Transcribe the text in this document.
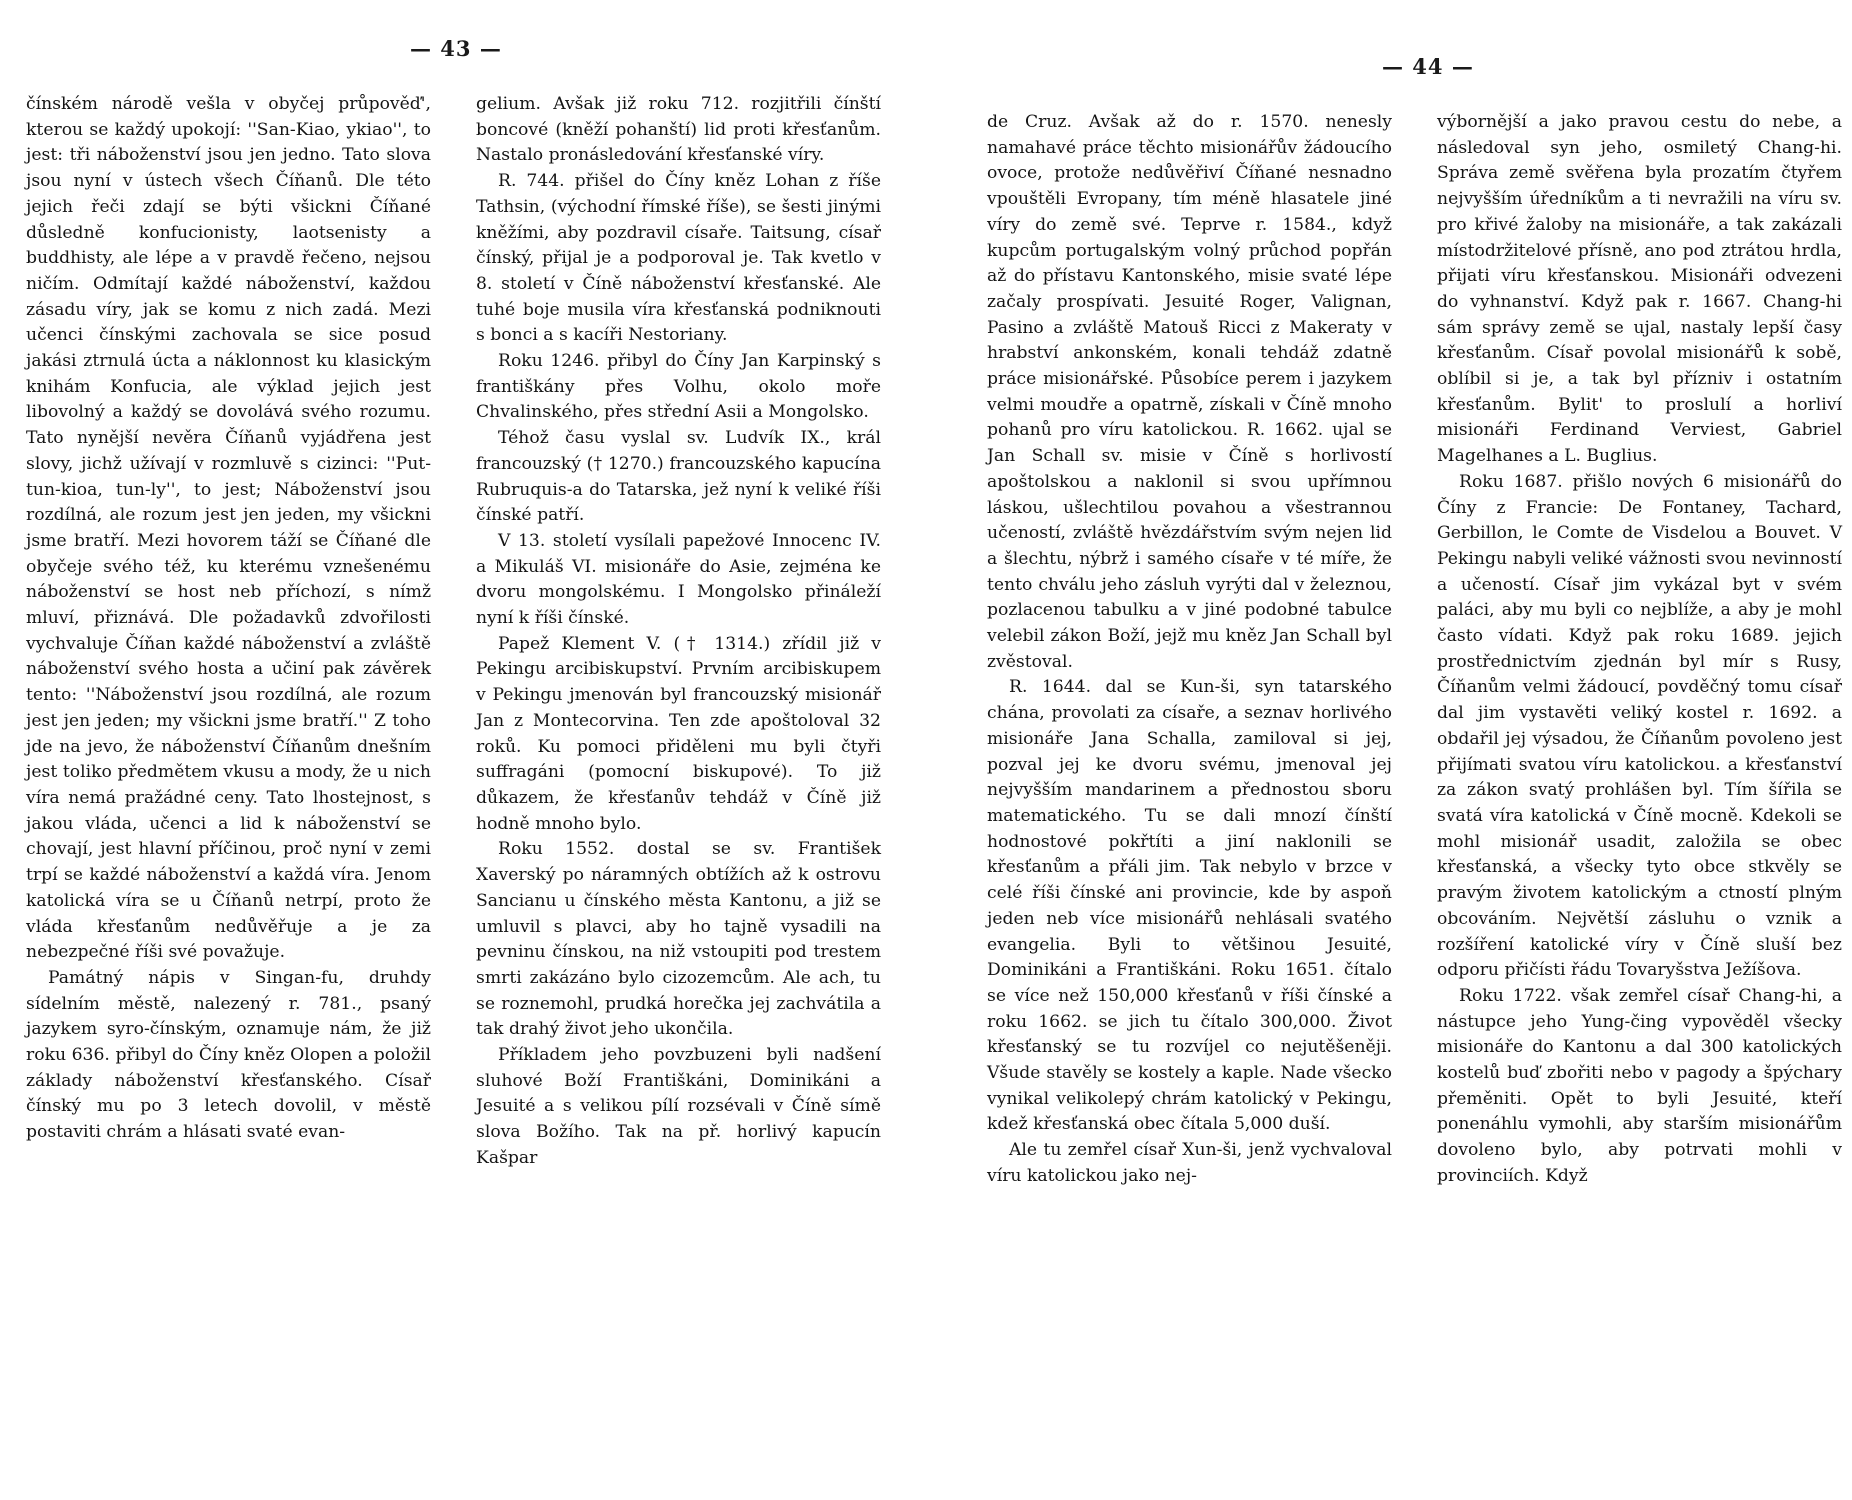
— 43 —

čínském národě vešla v obyčej průpověď', kterou se každý upokojí: ''San-Kiao, ykiao'', to jest: tři náboženství jsou jen jedno. Tato slova jsou nyní v ústech všech Číňanů. Dle této jejich řeči zdají se býti všickni Číňané důsledně konfucionisty, laotsenisty a buddhisty, ale lépe a v pravdě řečeno, nejsou ničím. Odmítají každé náboženství, každou zásadu víry, jak se komu z nich zadá. Mezi učenci čínskými zachovala se sice posud jakási ztrnulá úcta a náklonnost ku klasickým knihám Konfucia, ale výklad jejich jest libovolný a každý se dovolává svého rozumu. Tato nynější nevěra Číňanů vyjádřena jest slovy, jichž užívají v rozmluvě s cizinci: ''Put-tun-kioa, tun-ly'', to jest; Náboženství jsou rozdílná, ale rozum jest jen jeden, my všickni jsme bratří. Mezi hovorem táží se Číňané dle obyčeje svého též, ku kterému vznešenému náboženství se host neb příchozí, s nímž mluví, přiznává. Dle požadavků zdvořilosti vychvaluje Číňan každé náboženství a zvláště náboženství svého hosta a učiní pak závěrek tento: ''Náboženství jsou rozdílná, ale rozum jest jen jeden; my všickni jsme bratří.'' Z toho jde na jevo, že náboženství Číňanům dnešním jest toliko předmětem vkusu a mody, že u nich víra nemá pražádné ceny. Tato lhostejnost, s jakou vláda, učenci a lid k náboženství se chovají, jest hlavní příčinou, proč nyní v zemi trpí se každé náboženství a každá víra. Jenom katolická víra se u Číňanů netrpí, proto že vláda křesťanům nedůvěřuje a je za nebezpečné říši své považuje.

Památný nápis v Singan-fu, druhdy sídelním městě, nalezený r. 781., psaný jazykem syro-čínským, oznamuje nám, že již roku 636. přibyl do Číny kněz Olopen a položil základy náboženství křesťanského. Císař čínský mu po 3 letech dovolil, v městě postaviti chrám a hlásati svaté evan-

gelium. Avšak již roku 712. rozjitřili čínští boncové (kněží pohanští) lid proti křesťanům. Nastalo pronásledování křesťanské víry.

R. 744. přišel do Číny kněz Lohan z říše Tathsin, (východní římské říše), se šesti jinými kněžími, aby pozdravil císaře. Taitsung, císař čínský, přijal je a podporoval je. Tak kvetlo v 8. století v Číně náboženství křesťanské. Ale tuhé boje musila víra křesťanská podniknouti s bonci a s kacíři Nestoriany.

Roku 1246. přibyl do Číny Jan Karpinský s františkány přes Volhu, okolo moře Chvalinského, přes střední Asii a Mongolsko.

Téhož času vyslal sv. Ludvík IX., král francouzský († 1270.) francouzského kapucína Rubruquis-a do Tatarska, jež nyní k veliké říši čínské patří.

V 13. století vysílali papežové Innocenc IV. a Mikuláš VI. misionáře do Asie, zejména ke dvoru mongolskému. I Mongolsko přináleží nyní k říši čínské.

Papež Klement V. († 1314.) zřídil již v Pekingu arcibiskupství. Prvním arcibiskupem v Pekingu jmenován byl francouzský misionář Jan z Montecorvina. Ten zde apoštoloval 32 roků. Ku pomoci přiděleni mu byli čtyři suffragáni (pomocní biskupové). To již důkazem, že křesťanův tehdáž v Číně již hodně mnoho bylo.

Roku 1552. dostal se sv. František Xaverský po náramných obtížích až k ostrovu Sancianu u čínského města Kantonu, a již se umluvil s plavci, aby ho tajně vysadili na pevninu čínskou, na niž vstoupiti pod trestem smrti zakázáno bylo cizozemcům. Ale ach, tu se roznemohl, prudká horečka jej zachvátila a tak drahý život jeho ukončila.

Příkladem jeho povzbuzeni byli nadšení sluhové Boží Františkáni, Dominikáni a Jesuité a s velikou pílí rozsévali v Číně símě slova Božího. Tak na př. horlivý kapucín Kašpar

— 44 —

de Cruz. Avšak až do r. 1570. nenesly namahavé práce těchto misionářův žádoucího ovoce, protože nedůvěřiví Číňané nesnadno vpouštěli Evropany, tím méně hlasatele jiné víry do země své. Teprve r. 1584., když kupcům portugalským volný průchod popřán až do přístavu Kantonského, misie svaté lépe začaly prospívati. Jesuité Roger, Valignan, Pasino a zvláště Matouš Ricci z Makeraty v hrabství ankonském, konali tehdáž zdatně práce misionářské. Působíce perem i jazykem velmi moudře a opatrně, získali v Číně mnoho pohanů pro víru katolickou. R. 1662. ujal se Jan Schall sv. misie v Číně s horlivostí apoštolskou a naklonil si svou upřímnou láskou, ušlechtilou povahou a všestrannou učeností, zvláště hvězdářstvím svým nejen lid a šlechtu, nýbrž i samého císaře v té míře, že tento chválu jeho zásluh vyrýti dal v železnou, pozlacenou tabulku a v jiné podobné tabulce velebil zákon Boží, jejž mu kněz Jan Schall byl zvěstoval.

R. 1644. dal se Kun-ši, syn tatarského chána, provolati za císaře, a seznav horlivého misionáře Jana Schalla, zamiloval si jej, pozval jej ke dvoru svému, jmenoval jej nejvyšším mandarinem a přednostou sboru matematického. Tu se dali mnozí čínští hodnostové pokřtíti a jiní naklonili se křesťanům a přáli jim. Tak nebylo v brzce v celé říši čínské ani provincie, kde by aspoň jeden neb více misionářů nehlásali svatého evangelia. Byli to většinou Jesuité, Dominikáni a Františkáni. Roku 1651. čítalo se více než 150,000 křesťanů v říši čínské a roku 1662. se jich tu čítalo 300,000. Život křesťanský se tu rozvíjel co nejutěšeněji. Všude stavěly se kostely a kaple. Nade všecko vynikal velikolepý chrám katolický v Pekingu, kdež křesťanská obec čítala 5,000 duší.

Ale tu zemřel císař Xun-ši, jenž vychvaloval víru katolickou jako nej-

výbornější a jako pravou cestu do nebe, a následoval syn jeho, osmiletý Chang-hi. Správa země svěřena byla prozatím čtyřem nejvyšším úředníkům a ti nevražili na víru sv. pro křivé žaloby na misionáře, a tak zakázali místodržitelové přísně, ano pod ztrátou hrdla, přijati víru křesťanskou. Misionáři odvezeni do vyhnanství. Když pak r. 1667. Chang-hi sám správy země se ujal, nastaly lepší časy křesťanům. Císař povolal misionářů k sobě, oblíbil si je, a tak byl přízniv i ostatním křesťanům. Bylit' to proslulí a horliví misionáři Ferdinand Verviest, Gabriel Magelhanes a L. Buglius.

Roku 1687. přišlo nových 6 misionářů do Číny z Francie: De Fontaney, Tachard, Gerbillon, le Comte de Visdelou a Bouvet. V Pekingu nabyli veliké vážnosti svou nevinností a učeností. Císař jim vykázal byt v svém paláci, aby mu byli co nejblíže, a aby je mohl často vídati. Když pak roku 1689. jejich prostřednictvím zjednán byl mír s Rusy, Číňanům velmi žádoucí, povděčný tomu císař dal jim vystavěti veliký kostel r. 1692. a obdařil jej výsadou, že Číňanům povoleno jest přijímati svatou víru katolickou. a křesťanství za zákon svatý prohlášen byl. Tím šířila se svatá víra katolická v Číně mocně. Kdekoli se mohl misionář usadit, založila se obec křesťanská, a všecky tyto obce stkvěly se pravým životem katolickým a ctností plným obcováním. Největší zásluhu o vznik a rozšíření katolické víry v Číně sluší bez odporu přičísti řádu Tovaryšstva Ježíšova.

Roku 1722. však zemřel císař Chang-hi, a nástupce jeho Yung-čing vypověděl všecky misionáře do Kantonu a dal 300 katolických kostelů buď zbořiti nebo v pagody a špýchary přeměniti. Opět to byli Jesuité, kteří ponenáhlu vymohli, aby starším misionářům dovoleno bylo, aby potrvati mohli v provinciích. Když
